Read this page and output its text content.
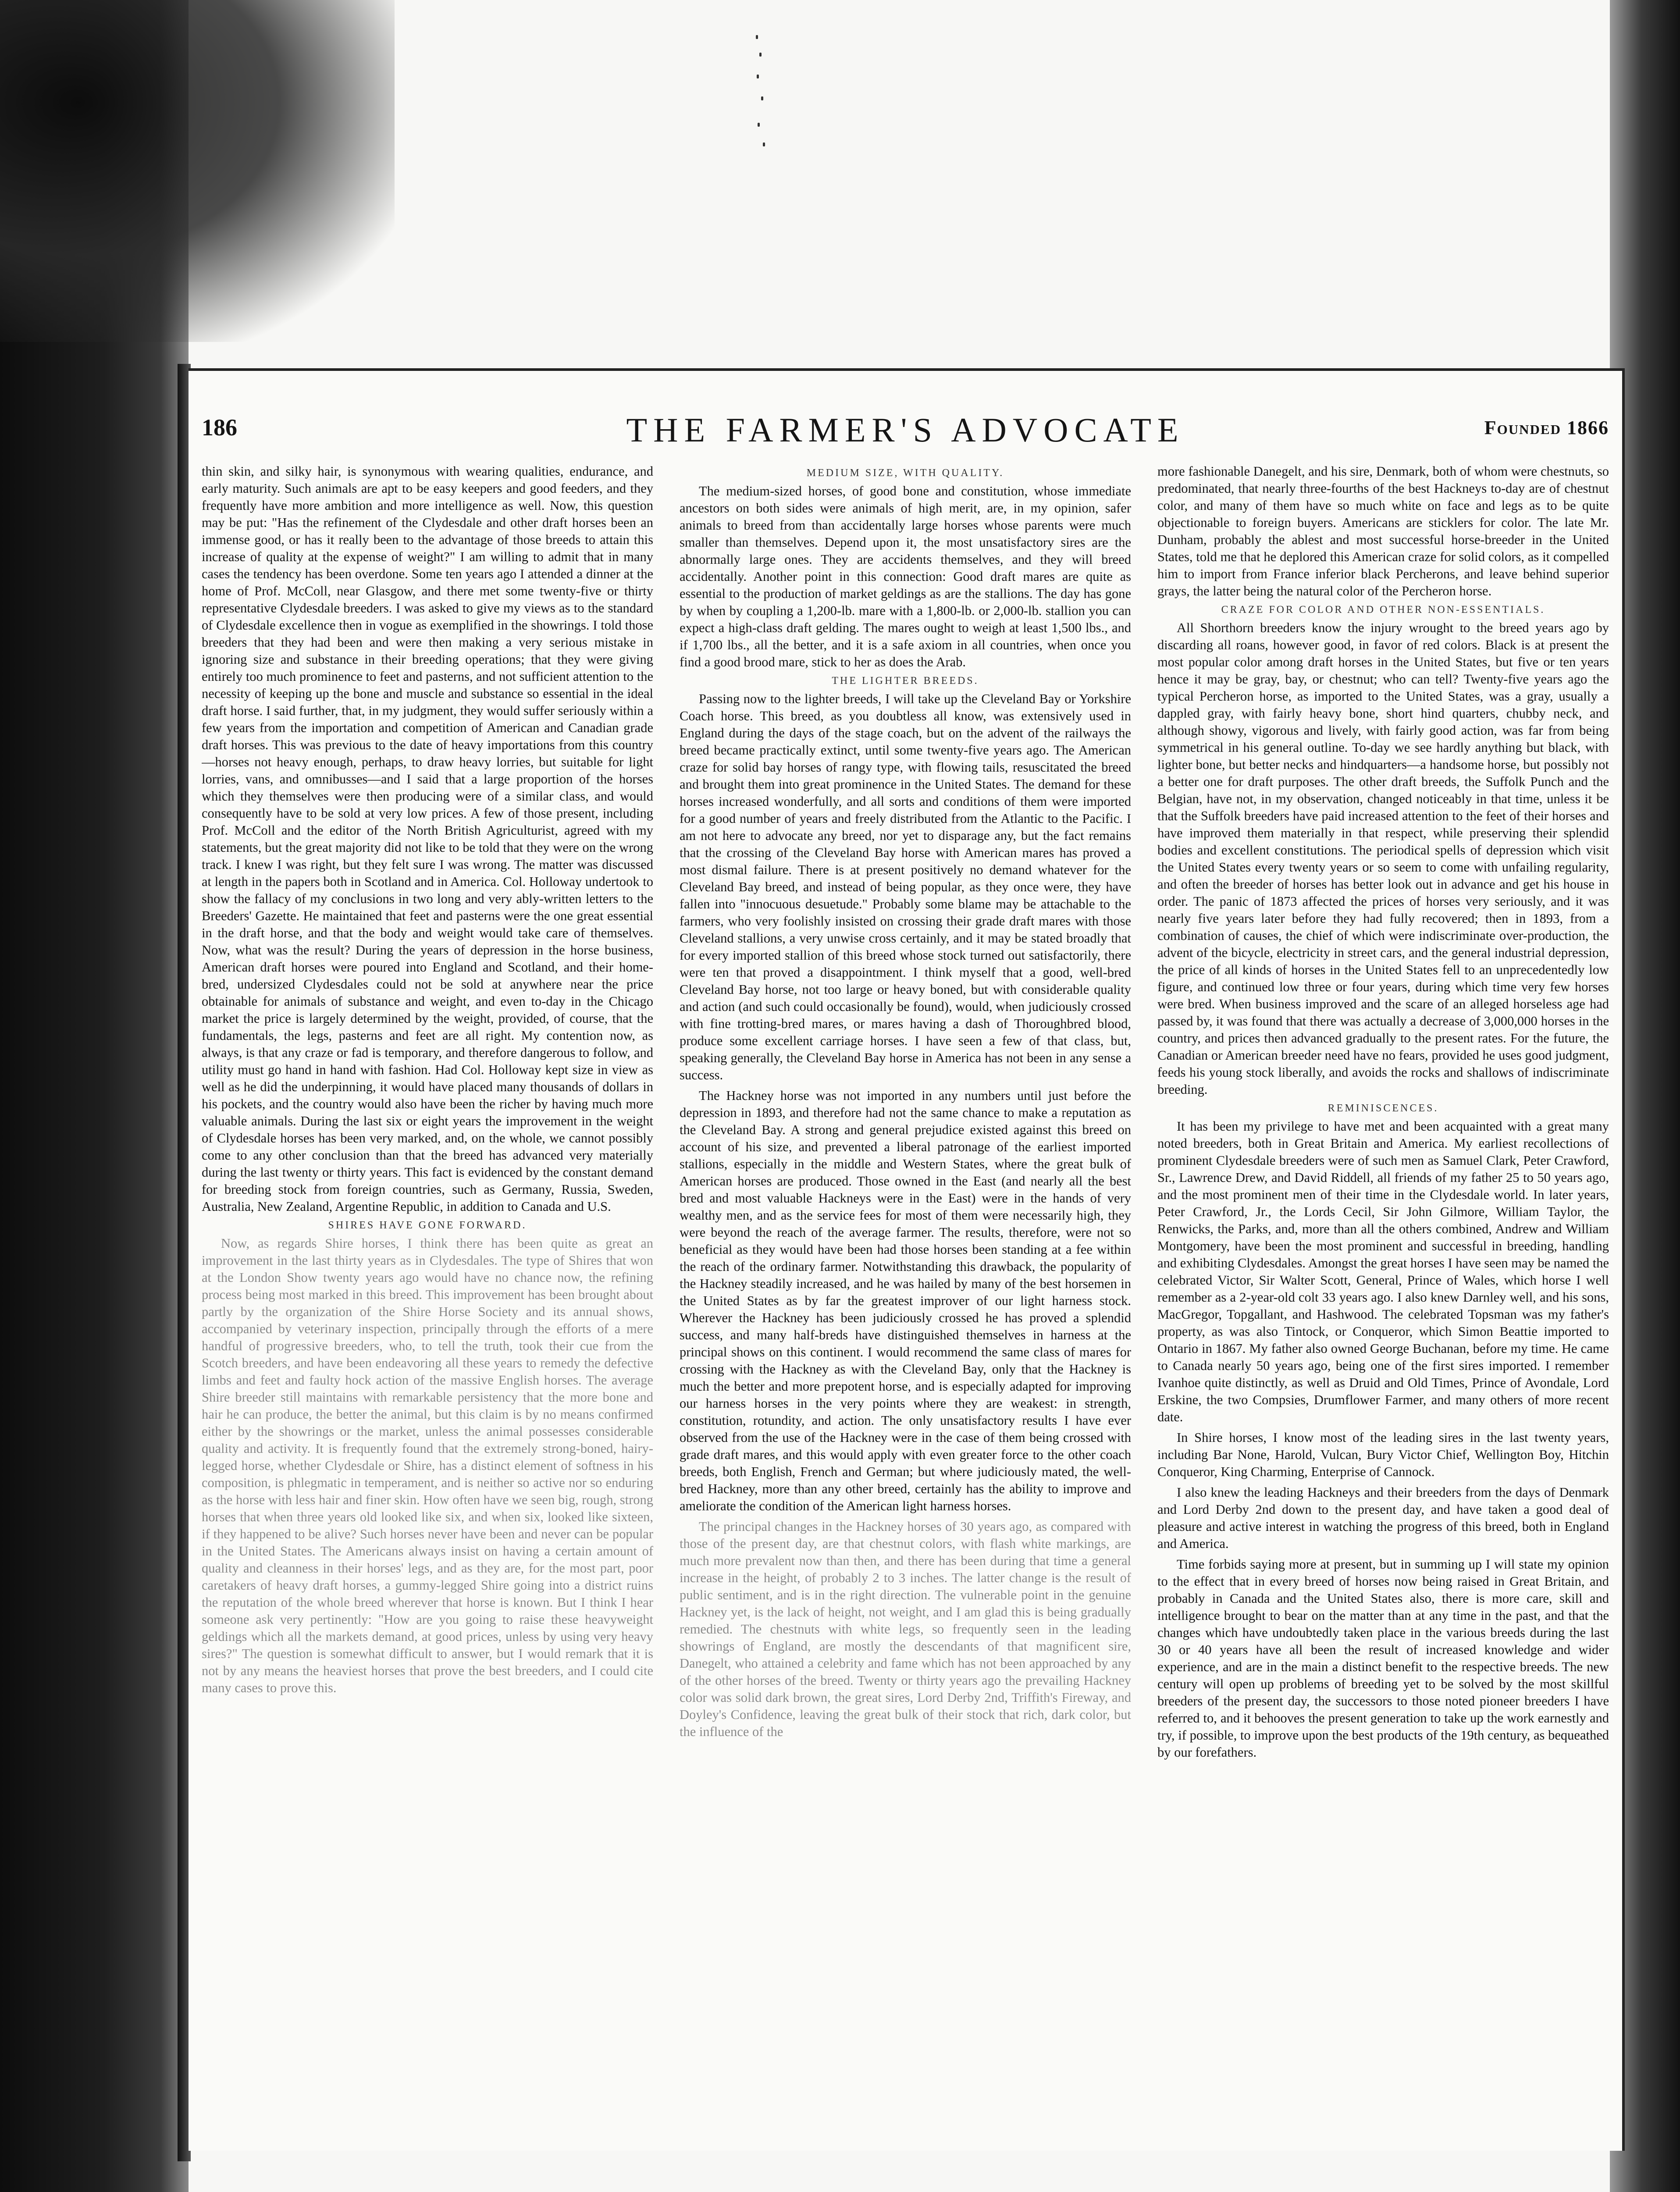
186	THE FARMER'S ADVOCATE	Founded 1866

thin skin, and silky hair, is synonymous with wearing qualities, endurance, and early maturity. Such animals are apt to be easy keepers and good feeders, and they frequently have more ambition and more intelligence as well. Now, this question may be put: "Has the refinement of the Clydesdale and other draft horses been an immense good, or has it really been to the advantage of those breeds to attain this increase of quality at the expense of weight?" I am willing to admit that in many cases the tendency has been overdone. Some ten years ago I attended a dinner at the home of Prof. McColl, near Glasgow, and there met some twenty-five or thirty representative Clydesdale breeders. I was asked to give my views as to the standard of Clydesdale excellence then in vogue as exemplified in the showrings. I told those breeders that they had been and were then making a very serious mistake in ignoring size and substance in their breeding operations; that they were giving entirely too much prominence to feet and pasterns, and not sufficient attention to the necessity of keeping up the bone and muscle and substance so essential in the ideal draft horse. I said further, that, in my judgment, they would suffer seriously within a few years from the importation and competition of American and Canadian grade draft horses. This was previous to the date of heavy importations from this country—horses not heavy enough, perhaps, to draw heavy lorries, but suitable for light lorries, vans, and omnibusses—and I said that a large proportion of the horses which they themselves were then producing were of a similar class, and would consequently have to be sold at very low prices. A few of those present, including Prof. McColl and the editor of the North British Agriculturist, agreed with my statements, but the great majority did not like to be told that they were on the wrong track. I knew I was right, but they felt sure I was wrong. The matter was discussed at length in the papers both in Scotland and in America. Col. Holloway undertook to show the fallacy of my conclusions in two long and very ably-written letters to the Breeders' Gazette. He maintained that feet and pasterns were the one great essential in the draft horse, and that the body and weight would take care of themselves. Now, what was the result? During the years of depression in the horse business, American draft horses were poured into England and Scotland, and their home-bred, undersized Clydesdales could not be sold at anywhere near the price obtainable for animals of substance and weight, and even to-day in the Chicago market the price is largely determined by the weight, provided, of course, that the fundamentals, the legs, pasterns and feet are all right. My contention now, as always, is that any craze or fad is temporary, and therefore dangerous to follow, and utility must go hand in hand with fashion. Had Col. Holloway kept size in view as well as he did the underpinning, it would have placed many thousands of dollars in his pockets, and the country would also have been the richer by having much more valuable animals. During the last six or eight years the improvement in the weight of Clydesdale horses has been very marked, and, on the whole, we cannot possibly come to any other conclusion than that the breed has advanced very materially during the last twenty or thirty years. This fact is evidenced by the constant demand for breeding stock from foreign countries, such as Germany, Russia, Sweden, Australia, New Zealand, Argentine Republic, in addition to Canada and U.S.

SHIRES HAVE GONE FORWARD.

Now, as regards Shire horses, I think there has been quite as great an improvement in the last thirty years as in Clydesdales. The type of Shires that won at the London Show twenty years ago would have no chance now, the refining process being most marked in this breed. This improvement has been brought about partly by the organization of the Shire Horse Society and its annual shows, accompanied by veterinary inspection, principally through the efforts of a mere handful of progressive breeders, who, to tell the truth, took their cue from the Scotch breeders, and have been endeavoring all these years to remedy the defective limbs and feet and faulty hock action of the massive English horses. The average Shire breeder still maintains with remarkable persistency that the more bone and hair he can produce, the better the animal, but this claim is by no means confirmed either by the showrings or the market, unless the animal possesses considerable quality and activity. It is frequently found that the extremely strong-boned, hairy-legged horse, whether Clydesdale or Shire, has a distinct element of softness in his composition, is phlegmatic in temperament, and is neither so active nor so enduring as the horse with less hair and finer skin. How often have we seen big, rough, strong horses that when three years old looked like six, and when six, looked like sixteen, if they happened to be alive? Such horses never have been and never can be popular in the United States. The Americans always insist on having a certain amount of quality and cleanness in their horses' legs, and as they are, for the most part, poor caretakers of heavy draft horses, a gummy-legged Shire going into a district ruins the reputation of the whole breed wherever that horse is known. But I think I hear someone ask very pertinently: "How are you going to raise these heavyweight geldings which all the markets demand, at good prices, unless by using very heavy sires?" The question is somewhat difficult to answer, but I would remark that it is not by any means the heaviest horses that prove the best breeders, and I could cite many cases to prove this.

MEDIUM SIZE, WITH QUALITY.

The medium-sized horses, of good bone and constitution, whose immediate ancestors on both sides were animals of high merit, are, in my opinion, safer animals to breed from than accidentally large horses whose parents were much smaller than themselves. Depend upon it, the most unsatisfactory sires are the abnormally large ones. They are accidents themselves, and they will breed accidentally. Another point in this connection: Good draft mares are quite as essential to the production of market geldings as are the stallions. The day has gone by when by coupling a 1,200-lb. mare with a 1,800-lb. or 2,000-lb. stallion you can expect a high-class draft gelding. The mares ought to weigh at least 1,500 lbs., and if 1,700 lbs., all the better, and it is a safe axiom in all countries, when once you find a good brood mare, stick to her as does the Arab.

THE LIGHTER BREEDS.

Passing now to the lighter breeds, I will take up the Cleveland Bay or Yorkshire Coach horse. This breed, as you doubtless all know, was extensively used in England during the days of the stage coach, but on the advent of the railways the breed became practically extinct, until some twenty-five years ago. The American craze for solid bay horses of rangy type, with flowing tails, resuscitated the breed and brought them into great prominence in the United States. The demand for these horses increased wonderfully, and all sorts and conditions of them were imported for a good number of years and freely distributed from the Atlantic to the Pacific. I am not here to advocate any breed, nor yet to disparage any, but the fact remains that the crossing of the Cleveland Bay horse with American mares has proved a most dismal failure. There is at present positively no demand whatever for the Cleveland Bay breed, and instead of being popular, as they once were, they have fallen into "innocuous desuetude." Probably some blame may be attachable to the farmers, who very foolishly insisted on crossing their grade draft mares with those Cleveland stallions, a very unwise cross certainly, and it may be stated broadly that for every imported stallion of this breed whose stock turned out satisfactorily, there were ten that proved a disappointment. I think myself that a good, well-bred Cleveland Bay horse, not too large or heavy boned, but with considerable quality and action (and such could occasionally be found), would, when judiciously crossed with fine trotting-bred mares, or mares having a dash of Thoroughbred blood, produce some excellent carriage horses. I have seen a few of that class, but, speaking generally, the Cleveland Bay horse in America has not been in any sense a success.

The Hackney horse was not imported in any numbers until just before the depression in 1893, and therefore had not the same chance to make a reputation as the Cleveland Bay. A strong and general prejudice existed against this breed on account of his size, and prevented a liberal patronage of the earliest imported stallions, especially in the middle and Western States, where the great bulk of American horses are produced. Those owned in the East (and nearly all the best bred and most valuable Hackneys were in the East) were in the hands of very wealthy men, and as the service fees for most of them were necessarily high, they were beyond the reach of the average farmer. The results, therefore, were not so beneficial as they would have been had those horses been standing at a fee within the reach of the ordinary farmer. Notwithstanding this drawback, the popularity of the Hackney steadily increased, and he was hailed by many of the best horsemen in the United States as by far the greatest improver of our light harness stock. Wherever the Hackney has been judiciously crossed he has proved a splendid success, and many half-breds have distinguished themselves in harness at the principal shows on this continent. I would recommend the same class of mares for crossing with the Hackney as with the Cleveland Bay, only that the Hackney is much the better and more prepotent horse, and is especially adapted for improving our harness horses in the very points where they are weakest: in strength, constitution, rotundity, and action. The only unsatisfactory results I have ever observed from the use of the Hackney were in the case of them being crossed with grade draft mares, and this would apply with even greater force to the other coach breeds, both English, French and German; but where judiciously mated, the well-bred Hackney, more than any other breed, certainly has the ability to improve and ameliorate the condition of the American light harness horses.

The principal changes in the Hackney horses of 30 years ago, as compared with those of the present day, are that chestnut colors, with flash white markings, are much more prevalent now than then, and there has been during that time a general increase in the height, of probably 2 to 3 inches. The latter change is the result of public sentiment, and is in the right direction. The vulnerable point in the genuine Hackney yet, is the lack of height, not weight, and I am glad this is being gradually remedied. The chestnuts with white legs, so frequently seen in the leading showrings of England, are mostly the descendants of that magnificent sire, Danegelt, who attained a celebrity and fame which has not been approached by any of the other horses of the breed. Twenty or thirty years ago the prevailing Hackney color was solid dark brown, the great sires, Lord Derby 2nd, Triffith's Fireway, and Doyley's Confidence, leaving the great bulk of their stock that rich, dark color, but the influence of the

more fashionable Danegelt, and his sire, Denmark, both of whom were chestnuts, so predominated, that nearly three-fourths of the best Hackneys to-day are of chestnut color, and many of them have so much white on face and legs as to be quite objectionable to foreign buyers. Americans are sticklers for color. The late Mr. Dunham, probably the ablest and most successful horse-breeder in the United States, told me that he deplored this American craze for solid colors, as it compelled him to import from France inferior black Percherons, and leave behind superior grays, the latter being the natural color of the Percheron horse.

CRAZE FOR COLOR AND OTHER NON-ESSENTIALS.

All Shorthorn breeders know the injury wrought to the breed years ago by discarding all roans, however good, in favor of red colors. Black is at present the most popular color among draft horses in the United States, but five or ten years hence it may be gray, bay, or chestnut; who can tell? Twenty-five years ago the typical Percheron horse, as imported to the United States, was a gray, usually a dappled gray, with fairly heavy bone, short hind quarters, chubby neck, and although showy, vigorous and lively, with fairly good action, was far from being symmetrical in his general outline. To-day we see hardly anything but black, with lighter bone, but better necks and hindquarters—a handsome horse, but possibly not a better one for draft purposes. The other draft breeds, the Suffolk Punch and the Belgian, have not, in my observation, changed noticeably in that time, unless it be that the Suffolk breeders have paid increased attention to the feet of their horses and have improved them materially in that respect, while preserving their splendid bodies and excellent constitutions. The periodical spells of depression which visit the United States every twenty years or so seem to come with unfailing regularity, and often the breeder of horses has better look out in advance and get his house in order. The panic of 1873 affected the prices of horses very seriously, and it was nearly five years later before they had fully recovered; then in 1893, from a combination of causes, the chief of which were indiscriminate over-production, the advent of the bicycle, electricity in street cars, and the general industrial depression, the price of all kinds of horses in the United States fell to an unprecedentedly low figure, and continued low three or four years, during which time very few horses were bred. When business improved and the scare of an alleged horseless age had passed by, it was found that there was actually a decrease of 3,000,000 horses in the country, and prices then advanced gradually to the present rates. For the future, the Canadian or American breeder need have no fears, provided he uses good judgment, feeds his young stock liberally, and avoids the rocks and shallows of indiscriminate breeding.

REMINISCENCES.

It has been my privilege to have met and been acquainted with a great many noted breeders, both in Great Britain and America. My earliest recollections of prominent Clydesdale breeders were of such men as Samuel Clark, Peter Crawford, Sr., Lawrence Drew, and David Riddell, all friends of my father 25 to 50 years ago, and the most prominent men of their time in the Clydesdale world. In later years, Peter Crawford, Jr., the Lords Cecil, Sir John Gilmore, William Taylor, the Renwicks, the Parks, and, more than all the others combined, Andrew and William Montgomery, have been the most prominent and successful in breeding, handling and exhibiting Clydesdales. Amongst the great horses I have seen may be named the celebrated Victor, Sir Walter Scott, General, Prince of Wales, which horse I well remember as a 2-year-old colt 33 years ago. I also knew Darnley well, and his sons, MacGregor, Topgallant, and Hashwood. The celebrated Topsman was my father's property, as was also Tintock, or Conqueror, which Simon Beattie imported to Ontario in 1867. My father also owned George Buchanan, before my time. He came to Canada nearly 50 years ago, being one of the first sires imported. I remember Ivanhoe quite distinctly, as well as Druid and Old Times, Prince of Avondale, Lord Erskine, the two Compsies, Drumflower Farmer, and many others of more recent date.

In Shire horses, I know most of the leading sires in the last twenty years, including Bar None, Harold, Vulcan, Bury Victor Chief, Wellington Boy, Hitchin Conqueror, King Charming, Enterprise of Cannock.

I also knew the leading Hackneys and their breeders from the days of Denmark and Lord Derby 2nd down to the present day, and have taken a good deal of pleasure and active interest in watching the progress of this breed, both in England and America.

Time forbids saying more at present, but in summing up I will state my opinion to the effect that in every breed of horses now being raised in Great Britain, and probably in Canada and the United States also, there is more care, skill and intelligence brought to bear on the matter than at any time in the past, and that the changes which have undoubtedly taken place in the various breeds during the last 30 or 40 years have all been the result of increased knowledge and wider experience, and are in the main a distinct benefit to the respective breeds. The new century will open up problems of breeding yet to be solved by the most skillful breeders of the present day, the successors to those noted pioneer breeders I have referred to, and it behooves the present generation to take up the work earnestly and try, if possible, to improve upon the best products of the 19th century, as bequeathed by our forefathers.
